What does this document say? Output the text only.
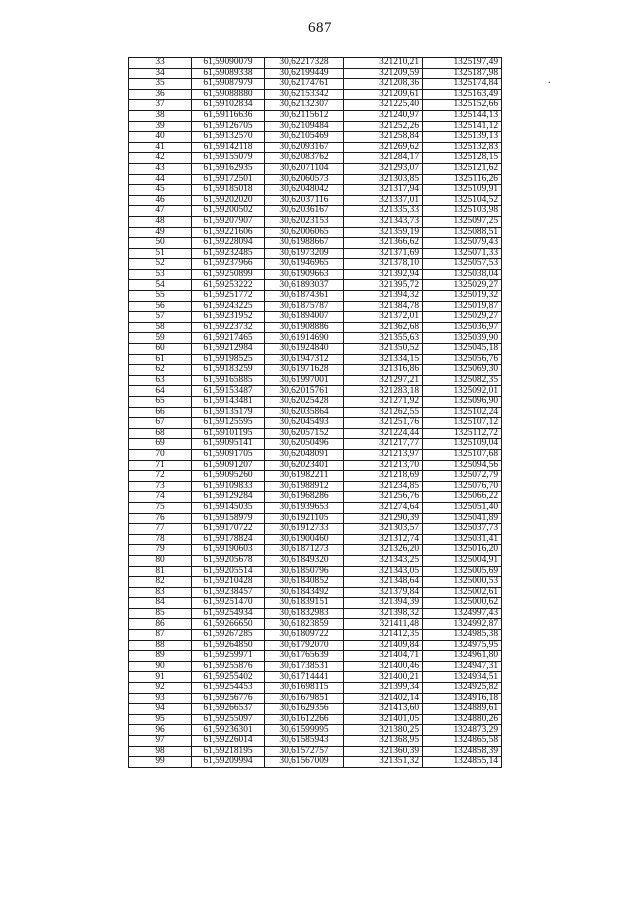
687
.
33	61,59090079	30,62217328	321210,21	1325197,49
34	61,59089338	30,62199449	321209,59	1325187,98
35	61,59087979	30,62174761	321208,36	1325174,84
36	61,59088880	30,62153342	321209,61	1325163,49
37	61,59102834	30,62132307	321225,40	1325152,66
38	61,59116636	30,62115612	321240,97	1325144,13
39	61,59126705	30,62109484	321252,26	1325141,12
40	61,59132570	30,62105469	321258,84	1325139,13
41	61,59142118	30,62093167	321269,62	1325132,83
42	61,59155079	30,62083762	321284,17	1325128,15
43	61,59162935	30,62071104	321293,07	1325121,62
44	61,59172501	30,62060573	321303,85	1325116,26
45	61,59185018	30,62048042	321317,94	1325109,91
46	61,59202020	30,62037116	321337,01	1325104,52
47	61,59200502	30,62036167	321335,33	1325103,98
48	61,59207907	30,62023153	321343,73	1325097,25
49	61,59221606	30,62006065	321359,19	1325088,51
50	61,59228094	30,61988667	321366,62	1325079,43
51	61,59232485	30,61973209	321371,69	1325071,33
52	61,59237966	30,61946965	321378,10	1325057,53
53	61,59250899	30,61909663	321392,94	1325038,04
54	61,59253222	30,61893037	321395,72	1325029,27
55	61,59251772	30,61874361	321394,32	1325019,32
56	61,59243225	30,61875787	321384,78	1325019,87
57	61,59231952	30,61894007	321372,01	1325029,27
58	61,59223732	30,61908886	321362,68	1325036,97
59	61,59217465	30,61914690	321355,63	1325039,90
60	61,59212984	30,61924840	321350,52	1325045,18
61	61,59198525	30,61947312	321334,15	1325056,76
62	61,59183259	30,61971628	321316,86	1325069,30
63	61,59165885	30,61997001	321297,21	1325082,35
64	61,59153487	30,62015761	321283,18	1325092,01
65	61,59143481	30,62025428	321271,92	1325096,90
66	61,59135179	30,62035864	321262,55	1325102,24
67	61,59125595	30,62045493	321251,76	1325107,12
68	61,59101195	30,62057152	321224,44	1325112,72
69	61,59095141	30,62050496	321217,77	1325109,04
70	61,59091705	30,62048091	321213,97	1325107,68
71	61,59091207	30,62023401	321213,70	1325094,56
72	61,59095260	30,61982211	321218,69	1325072,79
73	61,59109833	30,61988912	321234,85	1325076,70
74	61,59129284	30,61968286	321256,76	1325066,22
75	61,59145035	30,61939653	321274,64	1325051,40
76	61,59158979	30,61921105	321290,39	1325041,89
77	61,59170722	30,61912733	321303,57	1325037,73
78	61,59178824	30,61900460	321312,74	1325031,41
79	61,59190603	30,61871273	321326,20	1325016,20
80	61,59205678	30,61849320	321343,25	1325004,91
81	61,59205514	30,61850796	321343,05	1325005,69
82	61,59210428	30,61840852	321348,64	1325000,53
83	61,59238457	30,61843492	321379,84	1325002,61
84	61,59251470	30,61839151	321394,39	1325000,62
85	61,59254934	30,61832983	321398,32	1324997,43
86	61,59266650	30,61823859	321411,48	1324992,87
87	61,59267285	30,61809722	321412,35	1324985,38
88	61,59264850	30,61792070	321409,84	1324975,95
89	61,59259971	30,61765639	321404,71	1324961,80
90	61,59255876	30,61738531	321400,46	1324947,31
91	61,59255402	30,61714441	321400,21	1324934,51
92	61,59254453	30,61698115	321399,34	1324925,82
93	61,59256776	30,61679851	321402,14	1324916,18
94	61,59266537	30,61629356	321413,60	1324889,61
95	61,59255097	30,61612266	321401,05	1324880,26
96	61,59236301	30,61599995	321380,25	1324873,29
97	61,59226014	30,61585943	321368,95	1324865,58
98	61,59218195	30,61572757	321360,39	1324858,39
99	61,59209994	30,61567009	321351,32	1324855,14
